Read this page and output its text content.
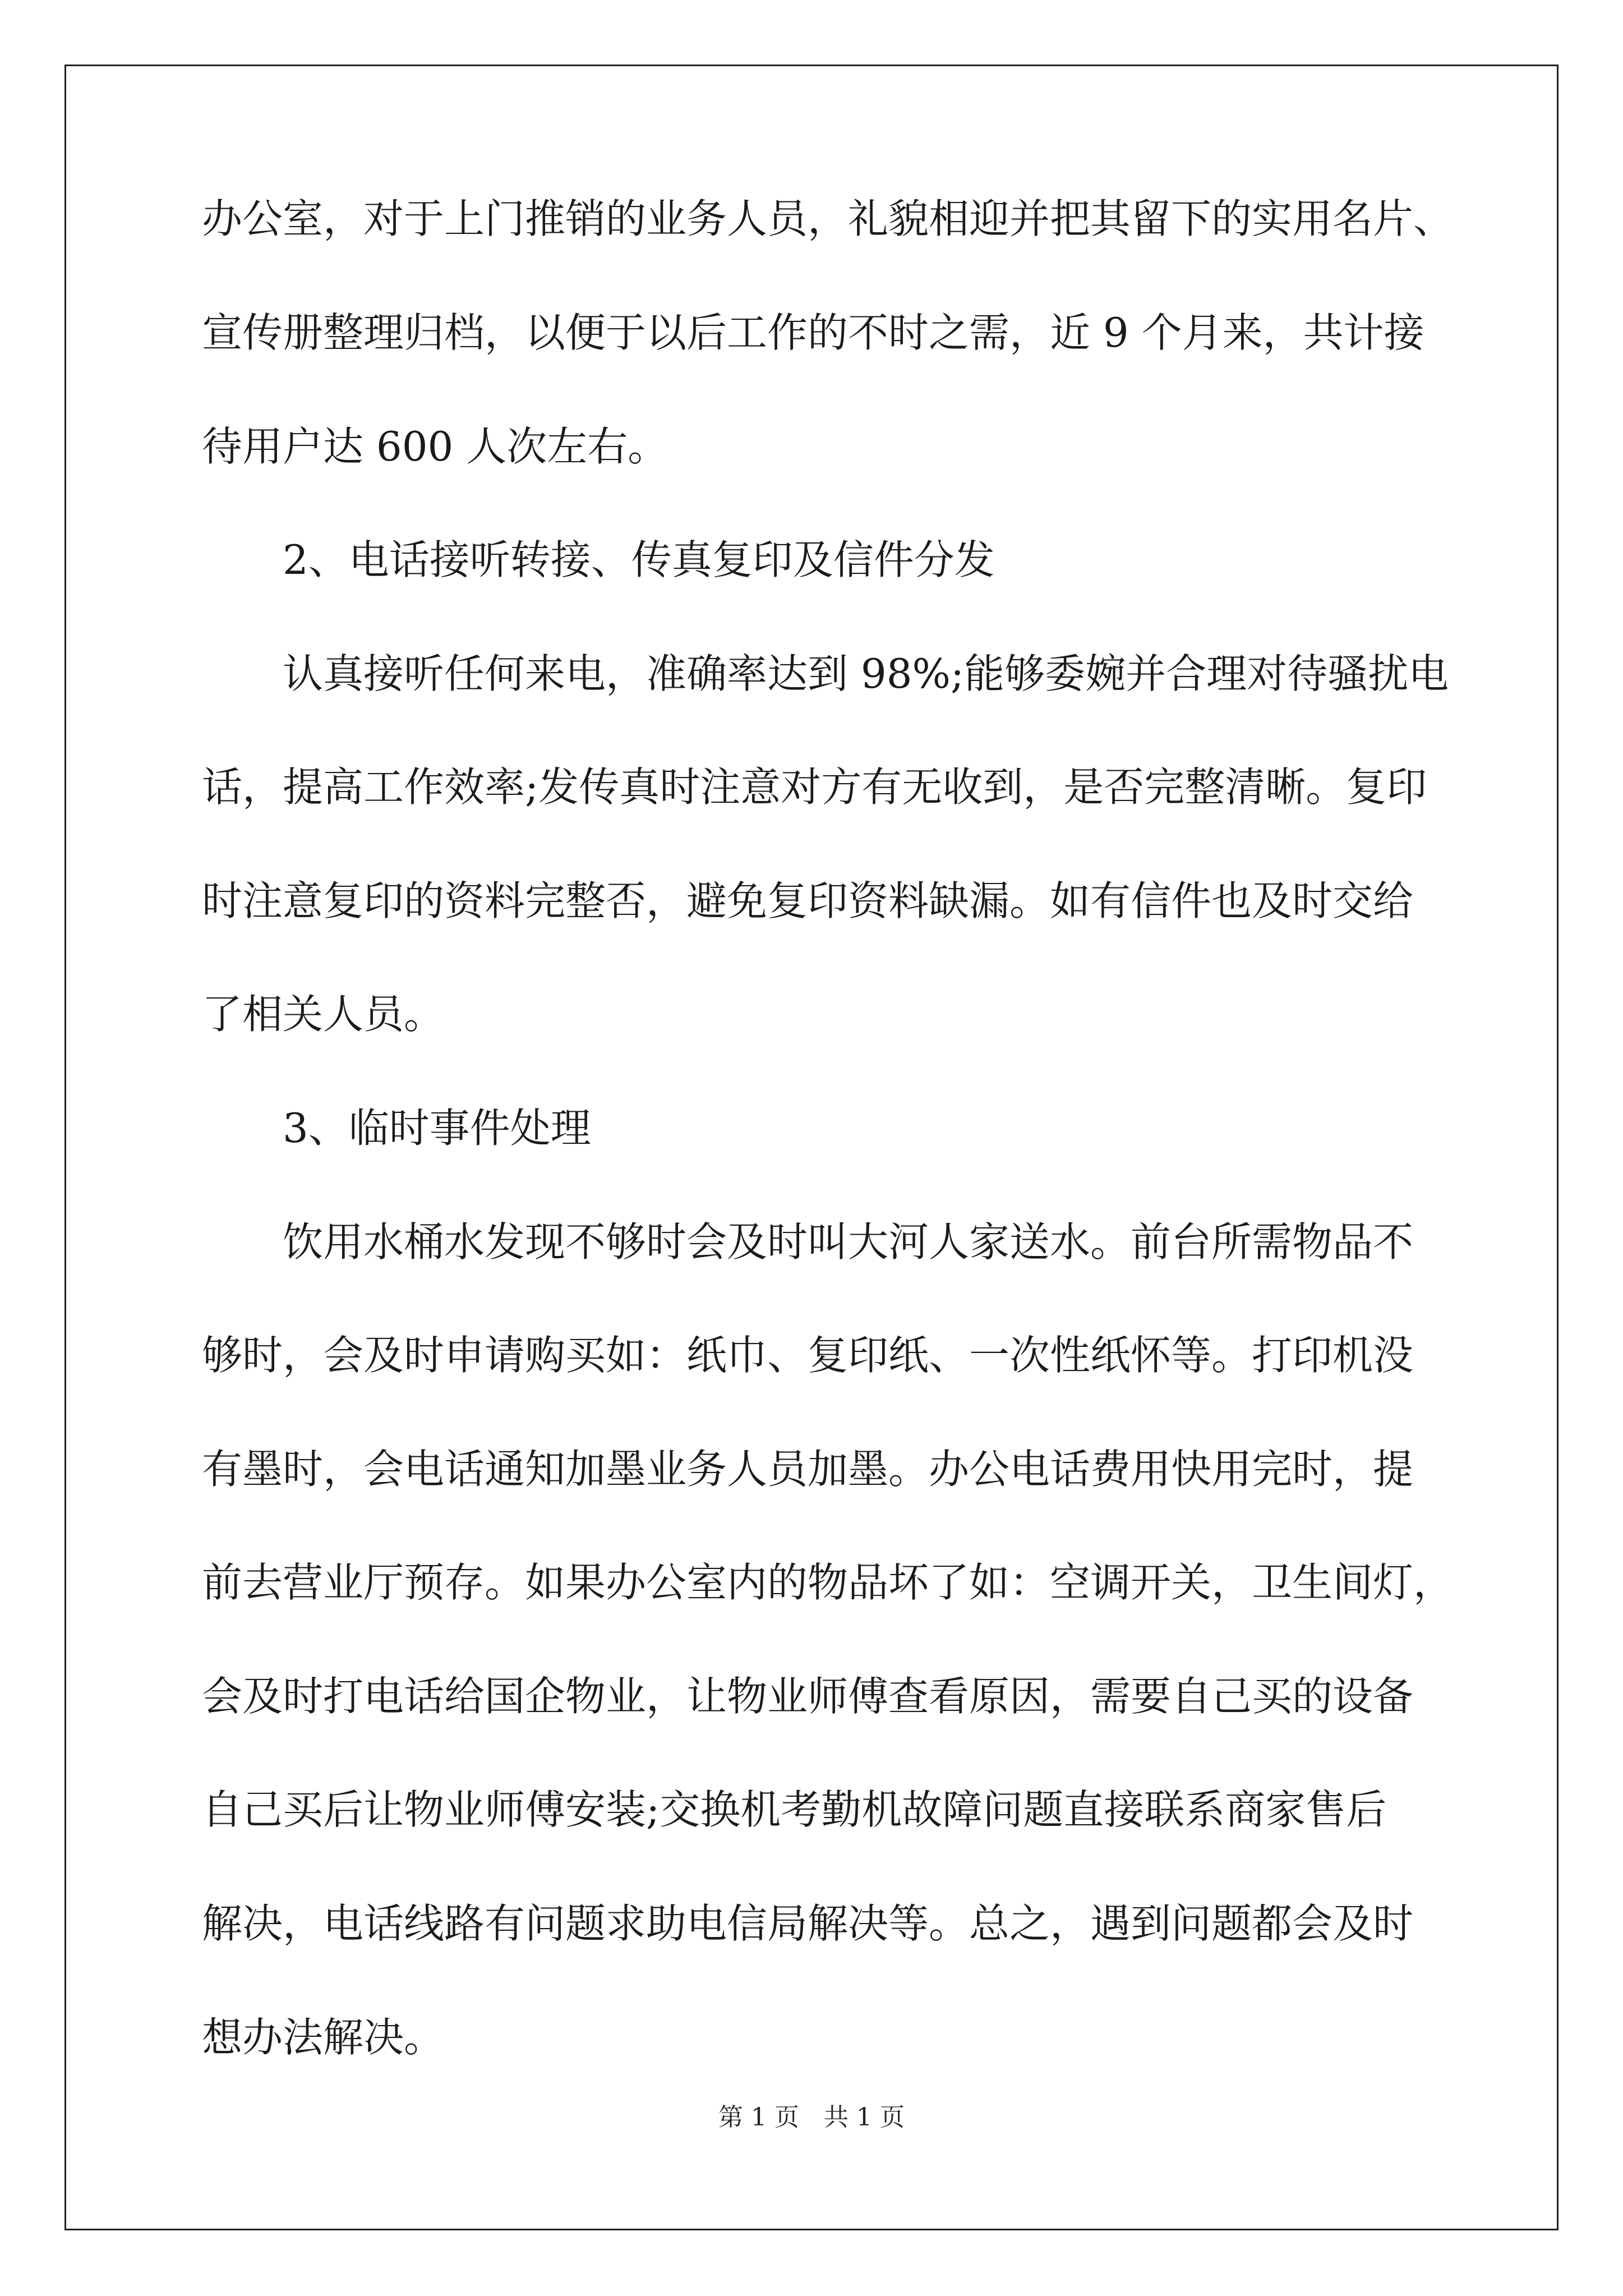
办公室，对于上门推销的业务人员，礼貌相迎并把其留下的实用名片、
宣传册整理归档，以便于以后工作的不时之需，近 9 个月来，共计接
待用户达 600 人次左右。
　　2、电话接听转接、传真复印及信件分发
　　认真接听任何来电，准确率达到 98%;能够委婉并合理对待骚扰电
话，提高工作效率;发传真时注意对方有无收到，是否完整清晰。复印
时注意复印的资料完整否，避免复印资料缺漏。如有信件也及时交给
了相关人员。
　　3、临时事件处理
　　饮用水桶水发现不够时会及时叫大河人家送水。前台所需物品不
够时，会及时申请购买如：纸巾、复印纸、一次性纸怀等。打印机没
有墨时，会电话通知加墨业务人员加墨。办公电话费用快用完时，提
前去营业厅预存。如果办公室内的物品坏了如：空调开关，卫生间灯，
会及时打电话给国企物业，让物业师傅查看原因，需要自己买的设备
自己买后让物业师傅安装;交换机考勤机故障问题直接联系商家售后
解决，电话线路有问题求助电信局解决等。总之，遇到问题都会及时
想办法解决。
第 1 页　共 1 页
